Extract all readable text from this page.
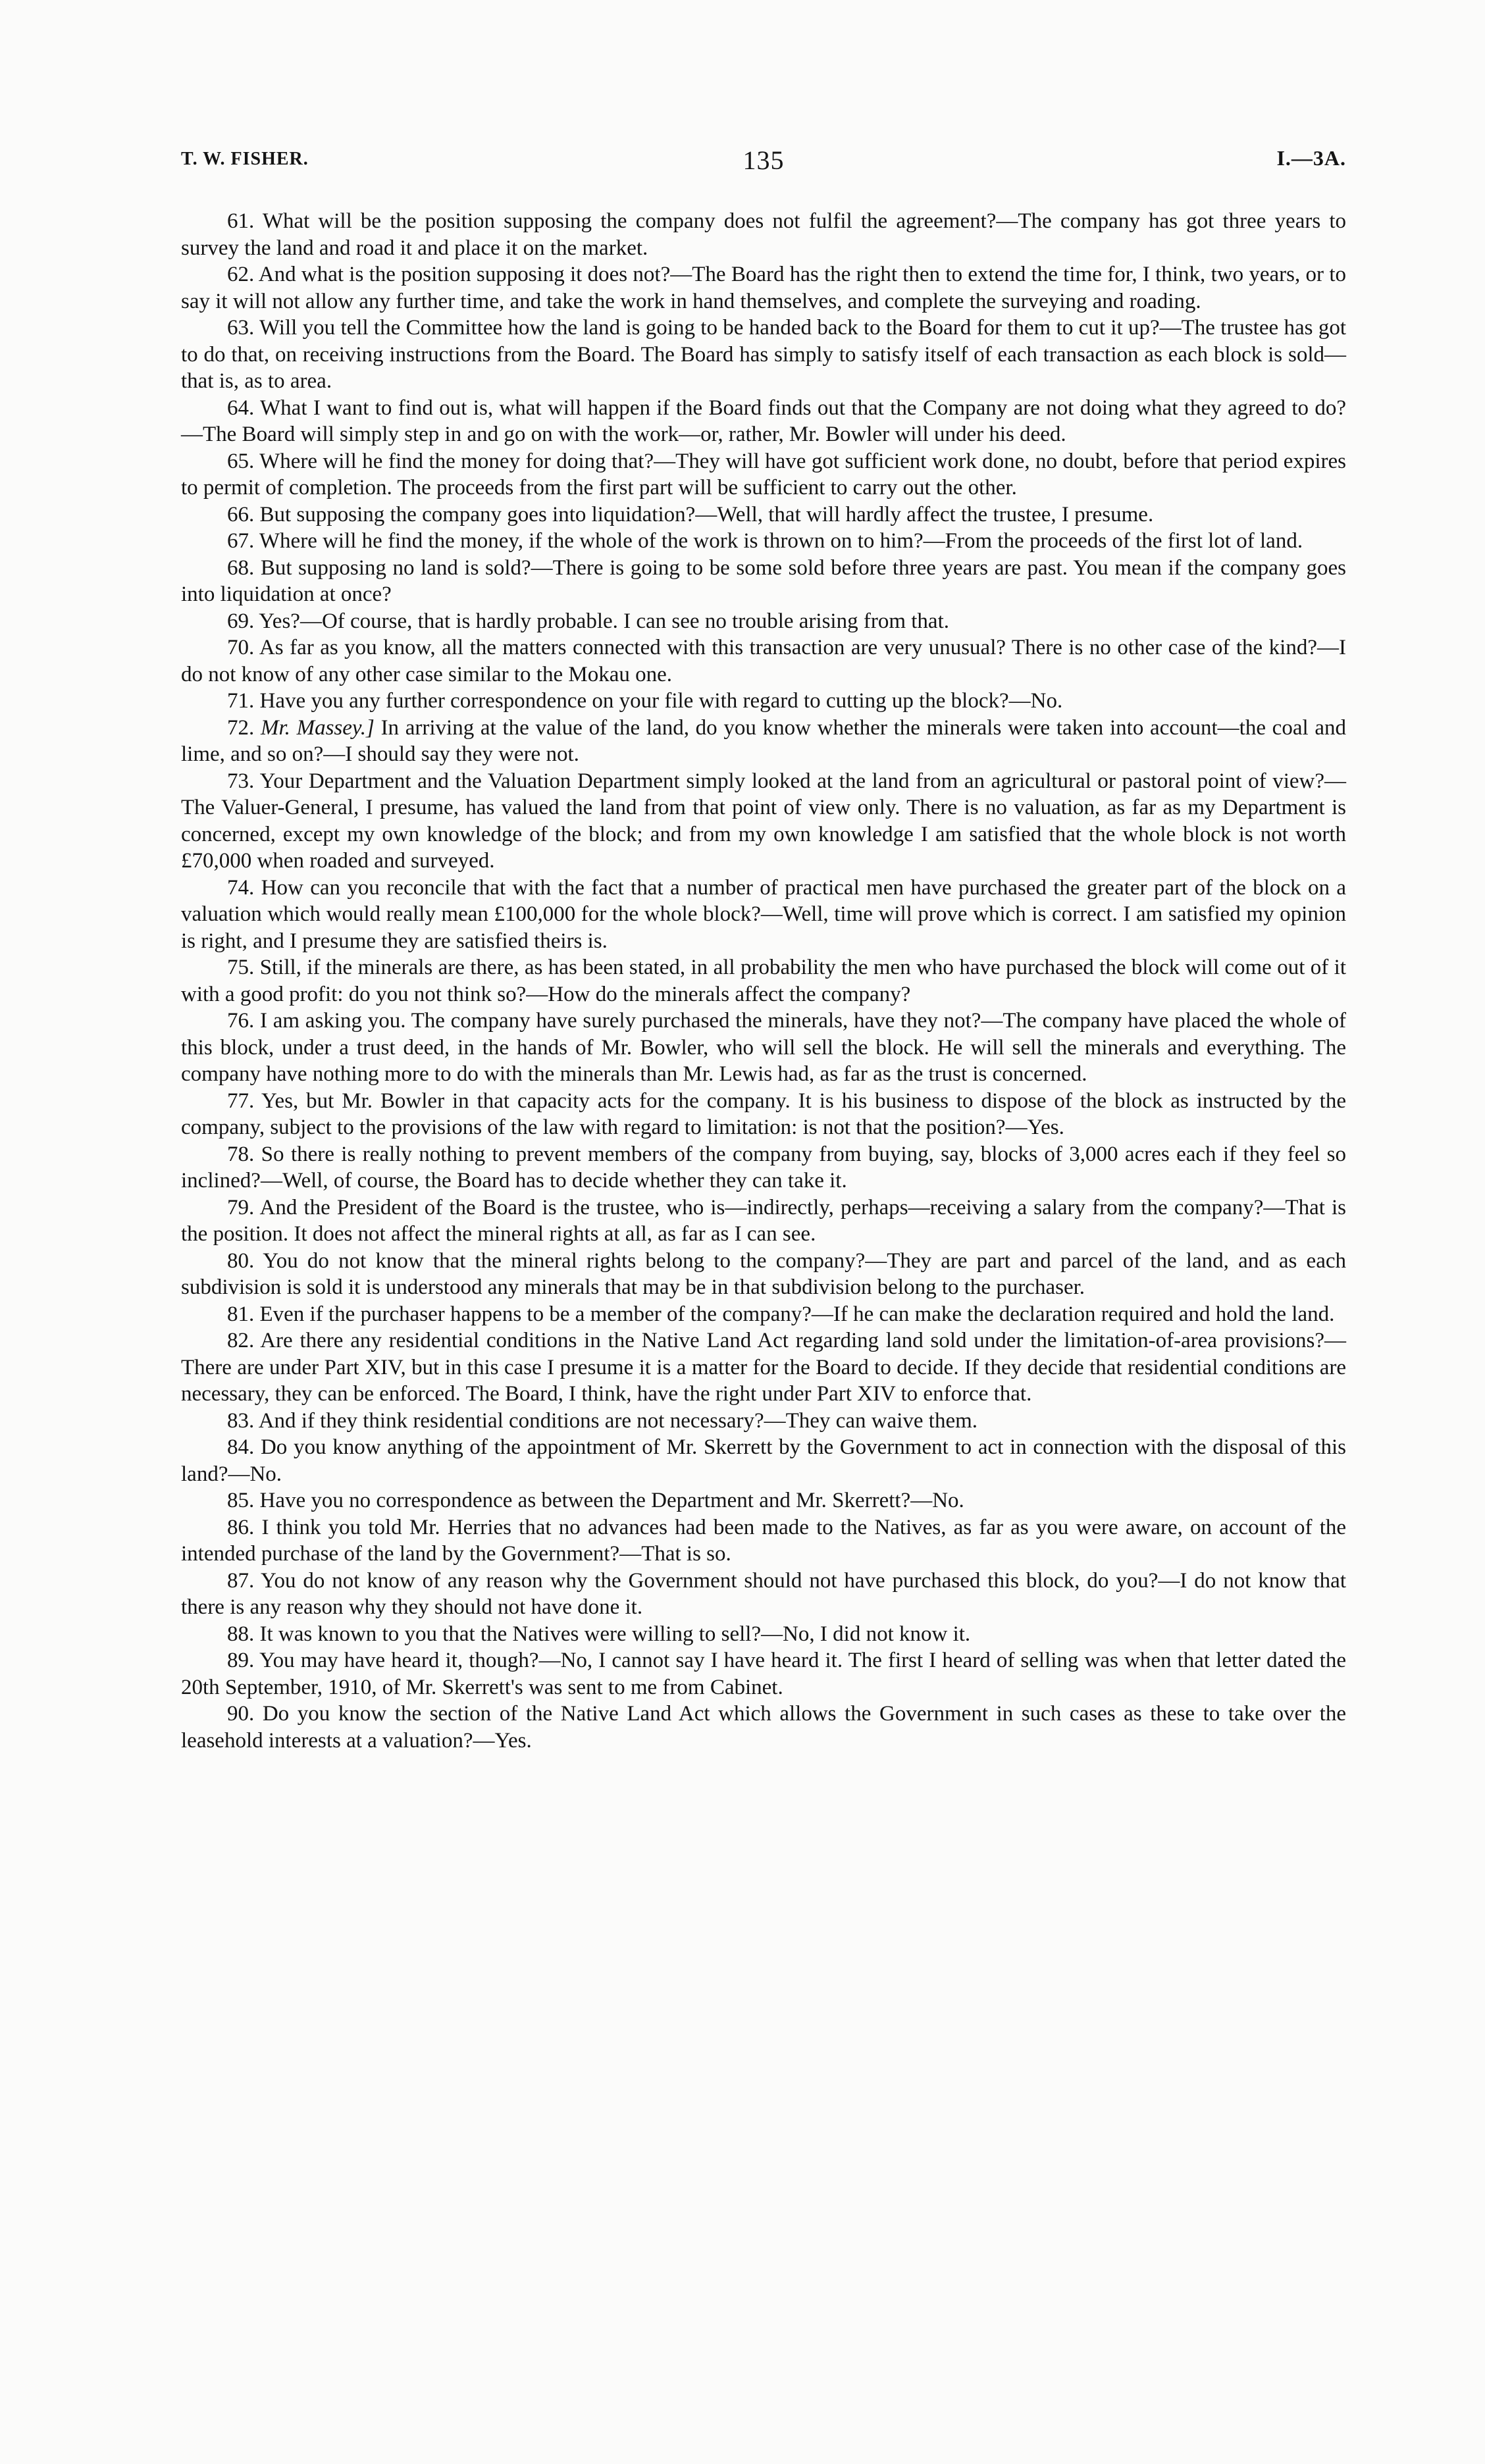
T. W. FISHER.	135	I.—3A.

61. What will be the position supposing the company does not fulfil the agreement?—The company has got three years to survey the land and road it and place it on the market.

62. And what is the position supposing it does not?—The Board has the right then to extend the time for, I think, two years, or to say it will not allow any further time, and take the work in hand themselves, and complete the surveying and roading.

63. Will you tell the Committee how the land is going to be handed back to the Board for them to cut it up?—The trustee has got to do that, on receiving instructions from the Board. The Board has simply to satisfy itself of each transaction as each block is sold—that is, as to area.

64. What I want to find out is, what will happen if the Board finds out that the Company are not doing what they agreed to do?—The Board will simply step in and go on with the work—or, rather, Mr. Bowler will under his deed.

65. Where will he find the money for doing that?—They will have got sufficient work done, no doubt, before that period expires to permit of completion. The proceeds from the first part will be sufficient to carry out the other.

66. But supposing the company goes into liquidation?—Well, that will hardly affect the trustee, I presume.

67. Where will he find the money, if the whole of the work is thrown on to him?—From the proceeds of the first lot of land.

68. But supposing no land is sold?—There is going to be some sold before three years are past. You mean if the company goes into liquidation at once?

69. Yes?—Of course, that is hardly probable. I can see no trouble arising from that.

70. As far as you know, all the matters connected with this transaction are very unusual? There is no other case of the kind?—I do not know of any other case similar to the Mokau one.

71. Have you any further correspondence on your file with regard to cutting up the block?—No.

72. Mr. Massey.] In arriving at the value of the land, do you know whether the minerals were taken into account—the coal and lime, and so on?—I should say they were not.

73. Your Department and the Valuation Department simply looked at the land from an agricultural or pastoral point of view?—The Valuer-General, I presume, has valued the land from that point of view only. There is no valuation, as far as my Department is concerned, except my own knowledge of the block; and from my own knowledge I am satisfied that the whole block is not worth £70,000 when roaded and surveyed.

74. How can you reconcile that with the fact that a number of practical men have purchased the greater part of the block on a valuation which would really mean £100,000 for the whole block?—Well, time will prove which is correct. I am satisfied my opinion is right, and I presume they are satisfied theirs is.

75. Still, if the minerals are there, as has been stated, in all probability the men who have purchased the block will come out of it with a good profit: do you not think so?—How do the minerals affect the company?

76. I am asking you. The company have surely purchased the minerals, have they not?—The company have placed the whole of this block, under a trust deed, in the hands of Mr. Bowler, who will sell the block. He will sell the minerals and everything. The company have nothing more to do with the minerals than Mr. Lewis had, as far as the trust is concerned.

77. Yes, but Mr. Bowler in that capacity acts for the company. It is his business to dispose of the block as instructed by the company, subject to the provisions of the law with regard to limitation: is not that the position?—Yes.

78. So there is really nothing to prevent members of the company from buying, say, blocks of 3,000 acres each if they feel so inclined?—Well, of course, the Board has to decide whether they can take it.

79. And the President of the Board is the trustee, who is—indirectly, perhaps—receiving a salary from the company?—That is the position. It does not affect the mineral rights at all, as far as I can see.

80. You do not know that the mineral rights belong to the company?—They are part and parcel of the land, and as each subdivision is sold it is understood any minerals that may be in that subdivision belong to the purchaser.

81. Even if the purchaser happens to be a member of the company?—If he can make the declaration required and hold the land.

82. Are there any residential conditions in the Native Land Act regarding land sold under the limitation-of-area provisions?—There are under Part XIV, but in this case I presume it is a matter for the Board to decide. If they decide that residential conditions are necessary, they can be enforced. The Board, I think, have the right under Part XIV to enforce that.

83. And if they think residential conditions are not necessary?—They can waive them.

84. Do you know anything of the appointment of Mr. Skerrett by the Government to act in connection with the disposal of this land?—No.

85. Have you no correspondence as between the Department and Mr. Skerrett?—No.

86. I think you told Mr. Herries that no advances had been made to the Natives, as far as you were aware, on account of the intended purchase of the land by the Government?—That is so.

87. You do not know of any reason why the Government should not have purchased this block, do you?—I do not know that there is any reason why they should not have done it.

88. It was known to you that the Natives were willing to sell?—No, I did not know it.

89. You may have heard it, though?—No, I cannot say I have heard it. The first I heard of selling was when that letter dated the 20th September, 1910, of Mr. Skerrett's was sent to me from Cabinet.

90. Do you know the section of the Native Land Act which allows the Government in such cases as these to take over the leasehold interests at a valuation?—Yes.
